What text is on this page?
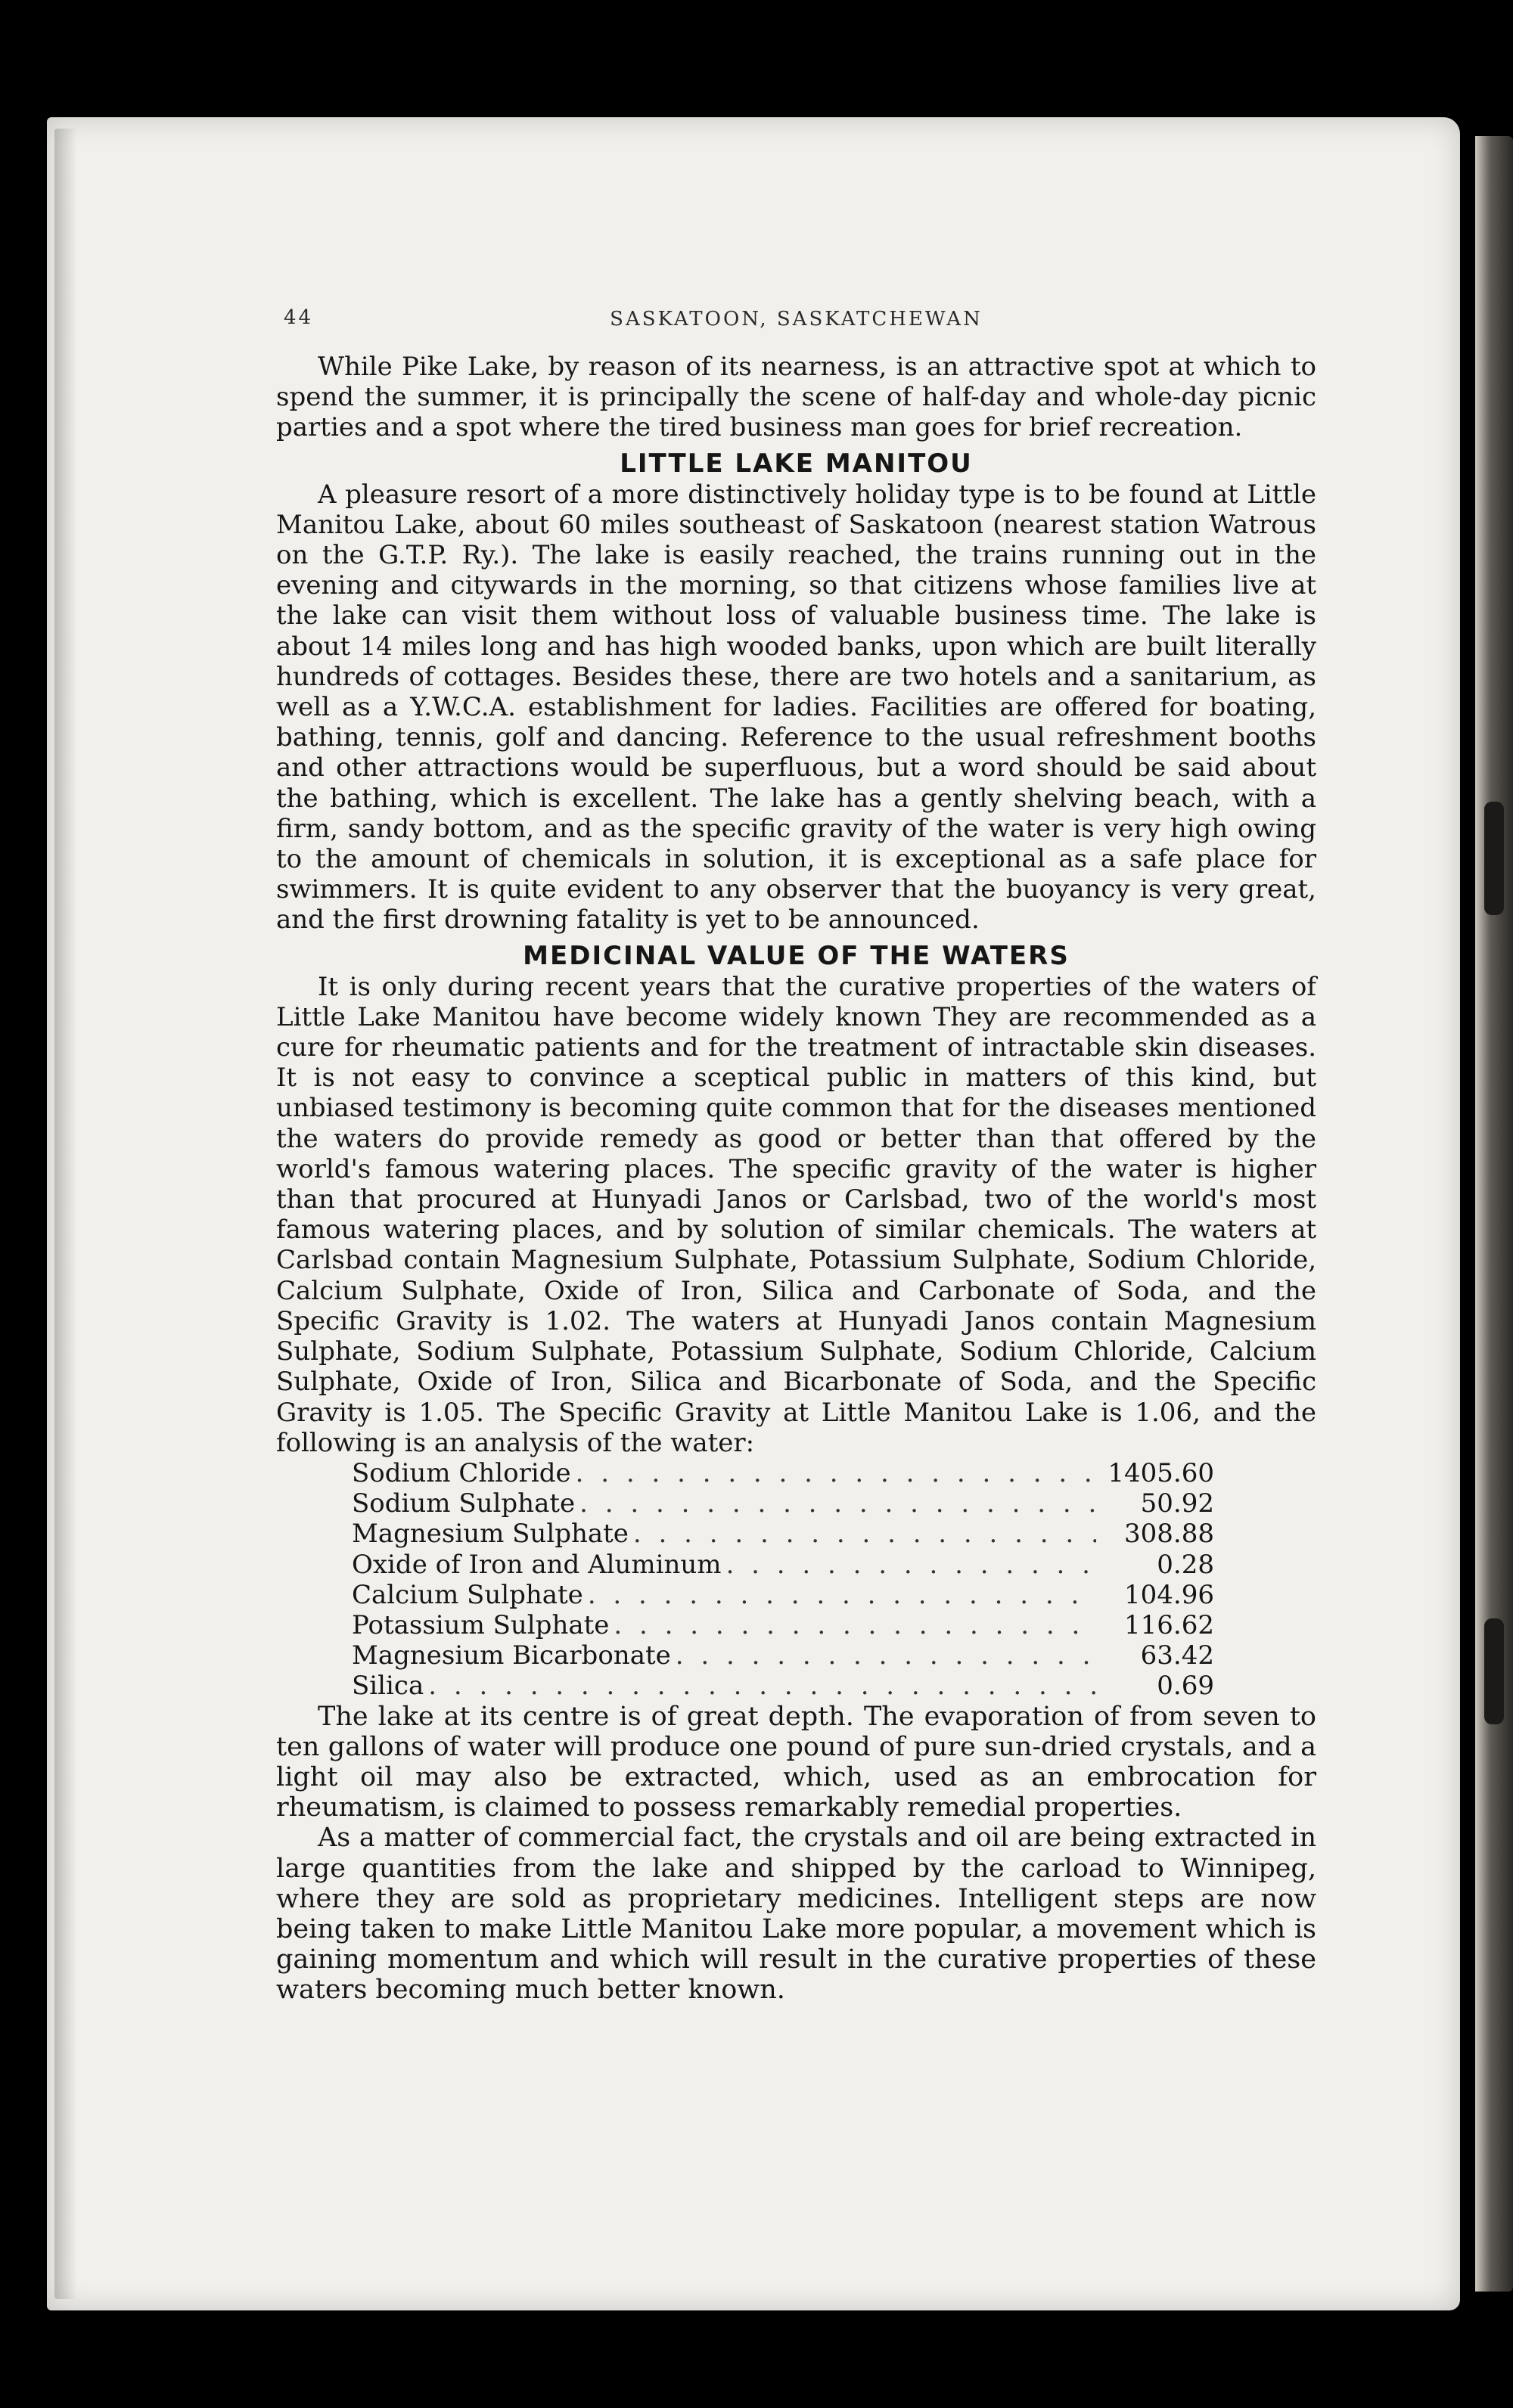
44	SASKATOON, SASKATCHEWAN

While Pike Lake, by reason of its nearness, is an attractive spot at which to spend the summer, it is principally the scene of half-day and whole-day picnic parties and a spot where the tired business man goes for brief recreation.

LITTLE LAKE MANITOU

A pleasure resort of a more distinctively holiday type is to be found at Little Manitou Lake, about 60 miles southeast of Saskatoon (nearest station Watrous on the G.T.P. Ry.). The lake is easily reached, the trains running out in the evening and citywards in the morning, so that citizens whose families live at the lake can visit them without loss of valuable business time. The lake is about 14 miles long and has high wooded banks, upon which are built literally hundreds of cottages. Besides these, there are two hotels and a sanitarium, as well as a Y.W.C.A. establishment for ladies. Facilities are offered for boating, bathing, tennis, golf and dancing. Reference to the usual refreshment booths and other attractions would be superfluous, but a word should be said about the bathing, which is excellent. The lake has a gently shelving beach, with a firm, sandy bottom, and as the specific gravity of the water is very high owing to the amount of chemicals in solution, it is exceptional as a safe place for swimmers. It is quite evident to any observer that the buoyancy is very great, and the first drowning fatality is yet to be announced.

MEDICINAL VALUE OF THE WATERS

It is only during recent years that the curative properties of the waters of Little Lake Manitou have become widely known They are recommended as a cure for rheumatic patients and for the treatment of intractable skin diseases. It is not easy to convince a sceptical public in matters of this kind, but unbiased testimony is becoming quite common that for the diseases mentioned the waters do provide remedy as good or better than that offered by the world's famous watering places. The specific gravity of the water is higher than that procured at Hunyadi Janos or Carlsbad, two of the world's most famous watering places, and by solution of similar chemicals. The waters at Carlsbad contain Magnesium Sulphate, Potassium Sulphate, Sodium Chloride, Calcium Sulphate, Oxide of Iron, Silica and Carbonate of Soda, and the Specific Gravity is 1.02. The waters at Hunyadi Janos contain Magnesium Sulphate, Sodium Sulphate, Potassium Sulphate, Sodium Chloride, Calcium Sulphate, Oxide of Iron, Silica and Bicarbonate of Soda, and the Specific Gravity is 1.05. The Specific Gravity at Little Manitou Lake is 1.06, and the following is an analysis of the water:

Sodium Chloride . . .	1405.60
Sodium Sulphate . . .	50.92
Magnesium Sulphate . . .	308.88
Oxide of Iron and Aluminum . . .	0.28
Calcium Sulphate . . .	104.96
Potassium Sulphate . . .	116.62
Magnesium Bicarbonate . . .	63.42
Silica . . .	0.69

The lake at its centre is of great depth. The evaporation of from seven to ten gallons of water will produce one pound of pure sun-dried crystals, and a light oil may also be extracted, which, used as an embrocation for rheumatism, is claimed to possess remarkably remedial properties.

As a matter of commercial fact, the crystals and oil are being extracted in large quantities from the lake and shipped by the carload to Winnipeg, where they are sold as proprietary medicines. Intelligent steps are now being taken to make Little Manitou Lake more popular, a movement which is gaining momentum and which will result in the curative properties of these waters becoming much better known.
